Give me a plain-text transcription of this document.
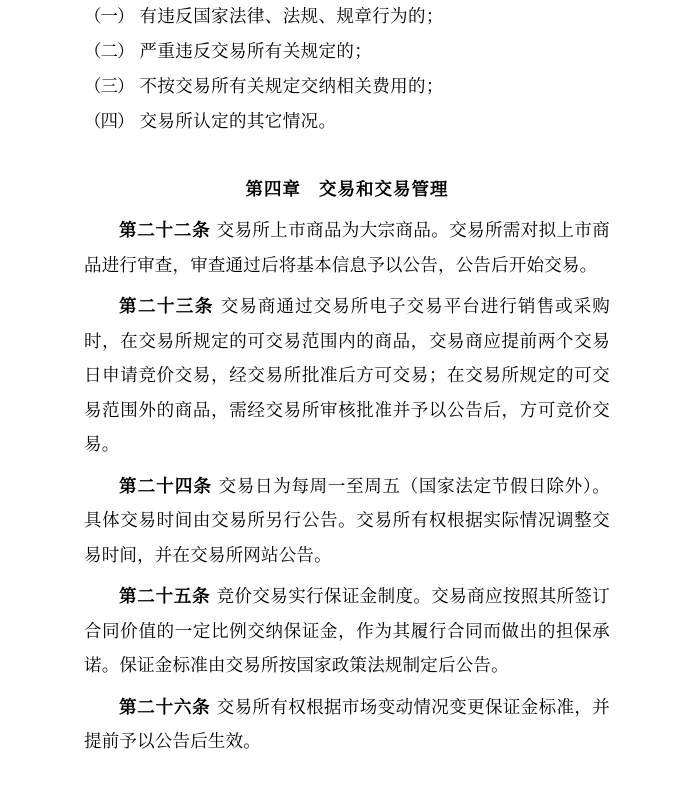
（一） 有违反国家法律、法规、规章行为的；
（二） 严重违反交易所有关规定的；
（三） 不按交易所有关规定交纳相关费用的；
（四） 交易所认定的其它情况。
第四章 交易和交易管理

第二十二条 交易所上市商品为大宗商品。交易所需对拟上市商品进行审查，审查通过后将基本信息予以公告，公告后开始交易。

第二十三条 交易商通过交易所电子交易平台进行销售或采购时，在交易所规定的可交易范围内的商品，交易商应提前两个交易日申请竞价交易，经交易所批准后方可交易；在交易所规定的可交易范围外的商品，需经交易所审核批准并予以公告后，方可竞价交易。

第二十四条 交易日为每周一至周五（国家法定节假日除外）。具体交易时间由交易所另行公告。交易所有权根据实际情况调整交易时间，并在交易所网站公告。

第二十五条 竞价交易实行保证金制度。交易商应按照其所签订合同价值的一定比例交纳保证金，作为其履行合同而做出的担保承诺。保证金标准由交易所按国家政策法规制定后公告。

第二十六条 交易所有权根据市场变动情况变更保证金标准，并提前予以公告后生效。
